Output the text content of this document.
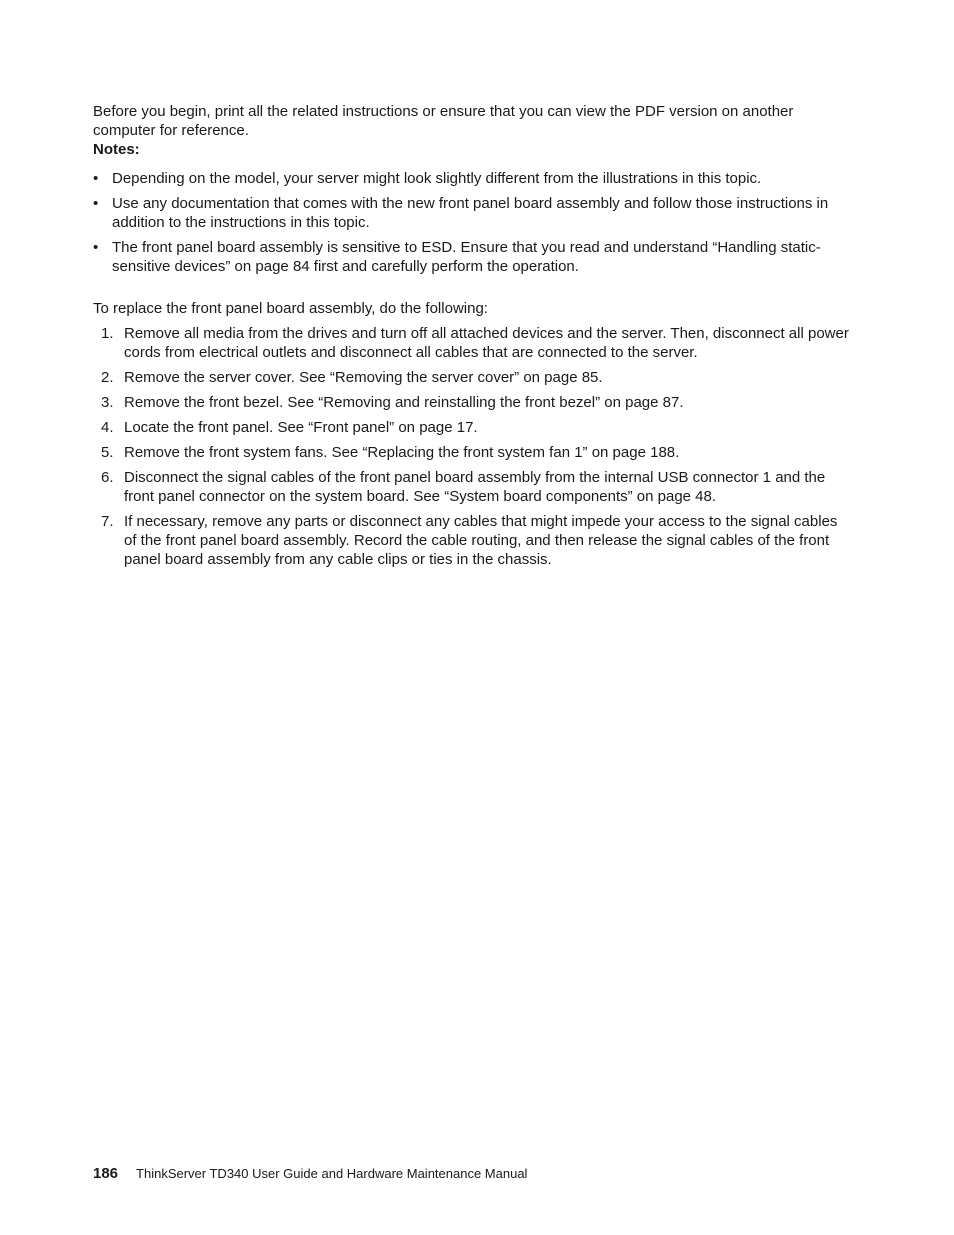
Before you begin, print all the related instructions or ensure that you can view the PDF version on another computer for reference.

Notes:
• Depending on the model, your server might look slightly different from the illustrations in this topic.
• Use any documentation that comes with the new front panel board assembly and follow those instructions in addition to the instructions in this topic.
• The front panel board assembly is sensitive to ESD. Ensure that you read and understand “Handling static-sensitive devices” on page 84 first and carefully perform the operation.

To replace the front panel board assembly, do the following:

1. Remove all media from the drives and turn off all attached devices and the server. Then, disconnect all power cords from electrical outlets and disconnect all cables that are connected to the server.
2. Remove the server cover. See “Removing the server cover” on page 85.
3. Remove the front bezel. See “Removing and reinstalling the front bezel” on page 87.
4. Locate the front panel. See “Front panel” on page 17.
5. Remove the front system fans. See “Replacing the front system fan 1” on page 188.
6. Disconnect the signal cables of the front panel board assembly from the internal USB connector 1 and the front panel connector on the system board. See “System board components” on page 48.
7. If necessary, remove any parts or disconnect any cables that might impede your access to the signal cables of the front panel board assembly. Record the cable routing, and then release the signal cables of the front panel board assembly from any cable clips or ties in the chassis.
186 ThinkServer TD340 User Guide and Hardware Maintenance Manual
